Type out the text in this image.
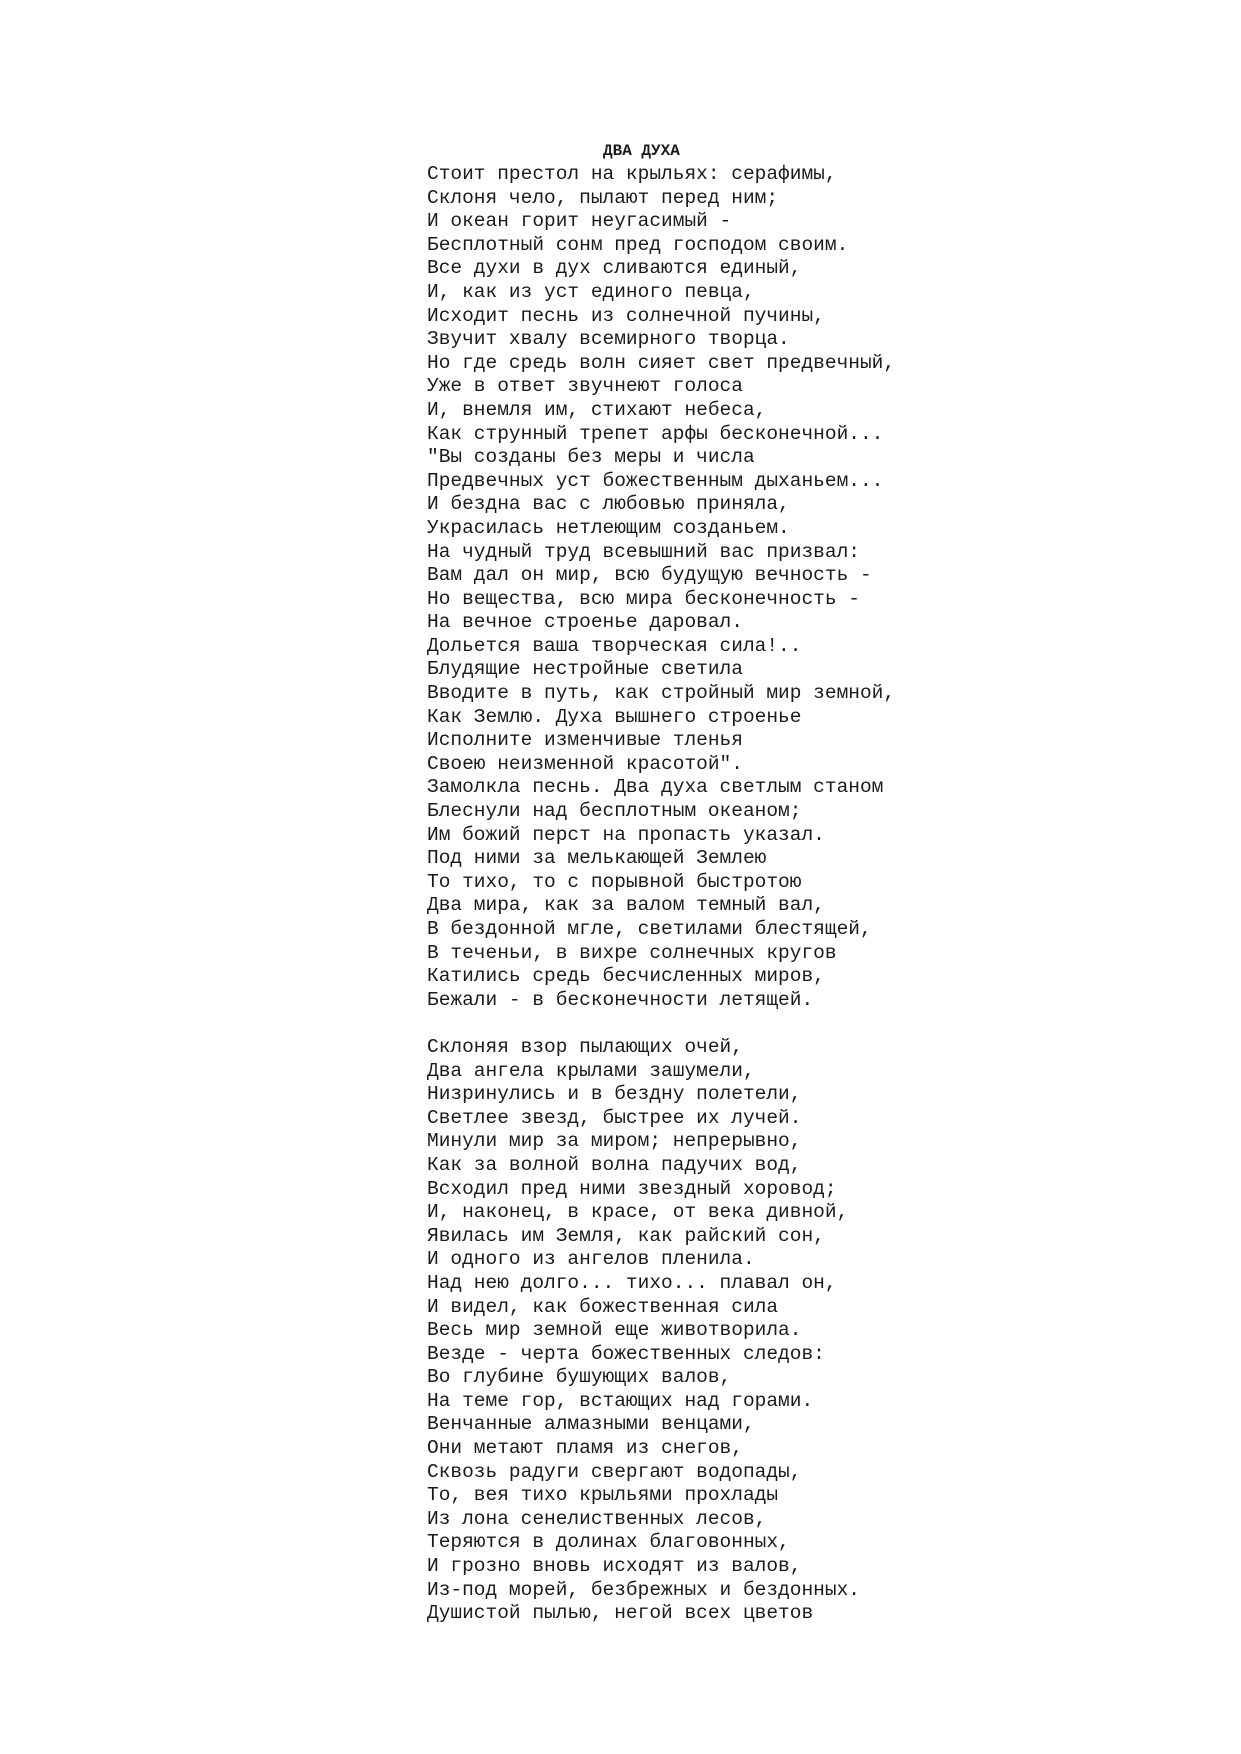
ДВА ДУХА
Стоит престол на крыльях: серафимы,
Склоня чело, пылают перед ним;
И океан горит неугасимый -
Бесплотный сонм пред господом своим.
Все духи в дух сливаются единый,
И, как из уст единого певца,
Исходит песнь из солнечной пучины,
Звучит хвалу всемирного творца.
Но где средь волн сияет свет предвечный,
Уже в ответ звучнеют голоса
И, внемля им, стихают небеса,
Как струнный трепет арфы бесконечной...
"Вы созданы без меры и числа
Предвечных уст божественным дыханьем...
И бездна вас с любовью приняла,
Украсилась нетлеющим созданьем.
На чудный труд всевышний вас призвал:
Вам дал он мир, всю будущую вечность -
Но вещества, всю мира бесконечность -
На вечное строенье даровал.
Дольется ваша творческая сила!..
Блудящие нестройные светила
Вводите в путь, как стройный мир земной,
Как Землю. Духа вышнего строенье
Исполните изменчивые тленья
Своею неизменной красотой".
Замолкла песнь. Два духа светлым станом
Блеснули над бесплотным океаном;
Им божий перст на пропасть указал.
Под ними за мелькающей Землею
То тихо, то с порывной быстротою
Два мира, как за валом темный вал,
В бездонной мгле, светилами блестящей,
В теченьи, в вихре солнечных кругов
Катились средь бесчисленных миров,
Бежали - в бесконечности летящей.
Склоняя взор пылающих очей,
Два ангела крылами зашумели,
Низринулись и в бездну полетели,
Светлее звезд, быстрее их лучей.
Минули мир за миром; непрерывно,
Как за волной волна падучих вод,
Всходил пред ними звездный хоровод;
И, наконец, в красе, от века дивной,
Явилась им Земля, как райский сон,
И одного из ангелов пленила.
Над нею долго... тихо... плавал он,
И видел, как божественная сила
Весь мир земной еще животворила.
Везде - черта божественных следов:
Во глубине бушующих валов,
На теме гор, встающих над горами.
Венчанные алмазными венцами,
Они метают пламя из снегов,
Сквозь радуги свергают водопады,
То, вея тихо крыльями прохлады
Из лона сенелиственных лесов,
Теряются в долинах благовонных,
И грозно вновь исходят из валов,
Из-под морей, безбрежных и бездонных.
Душистой пылью, негой всех цветов
